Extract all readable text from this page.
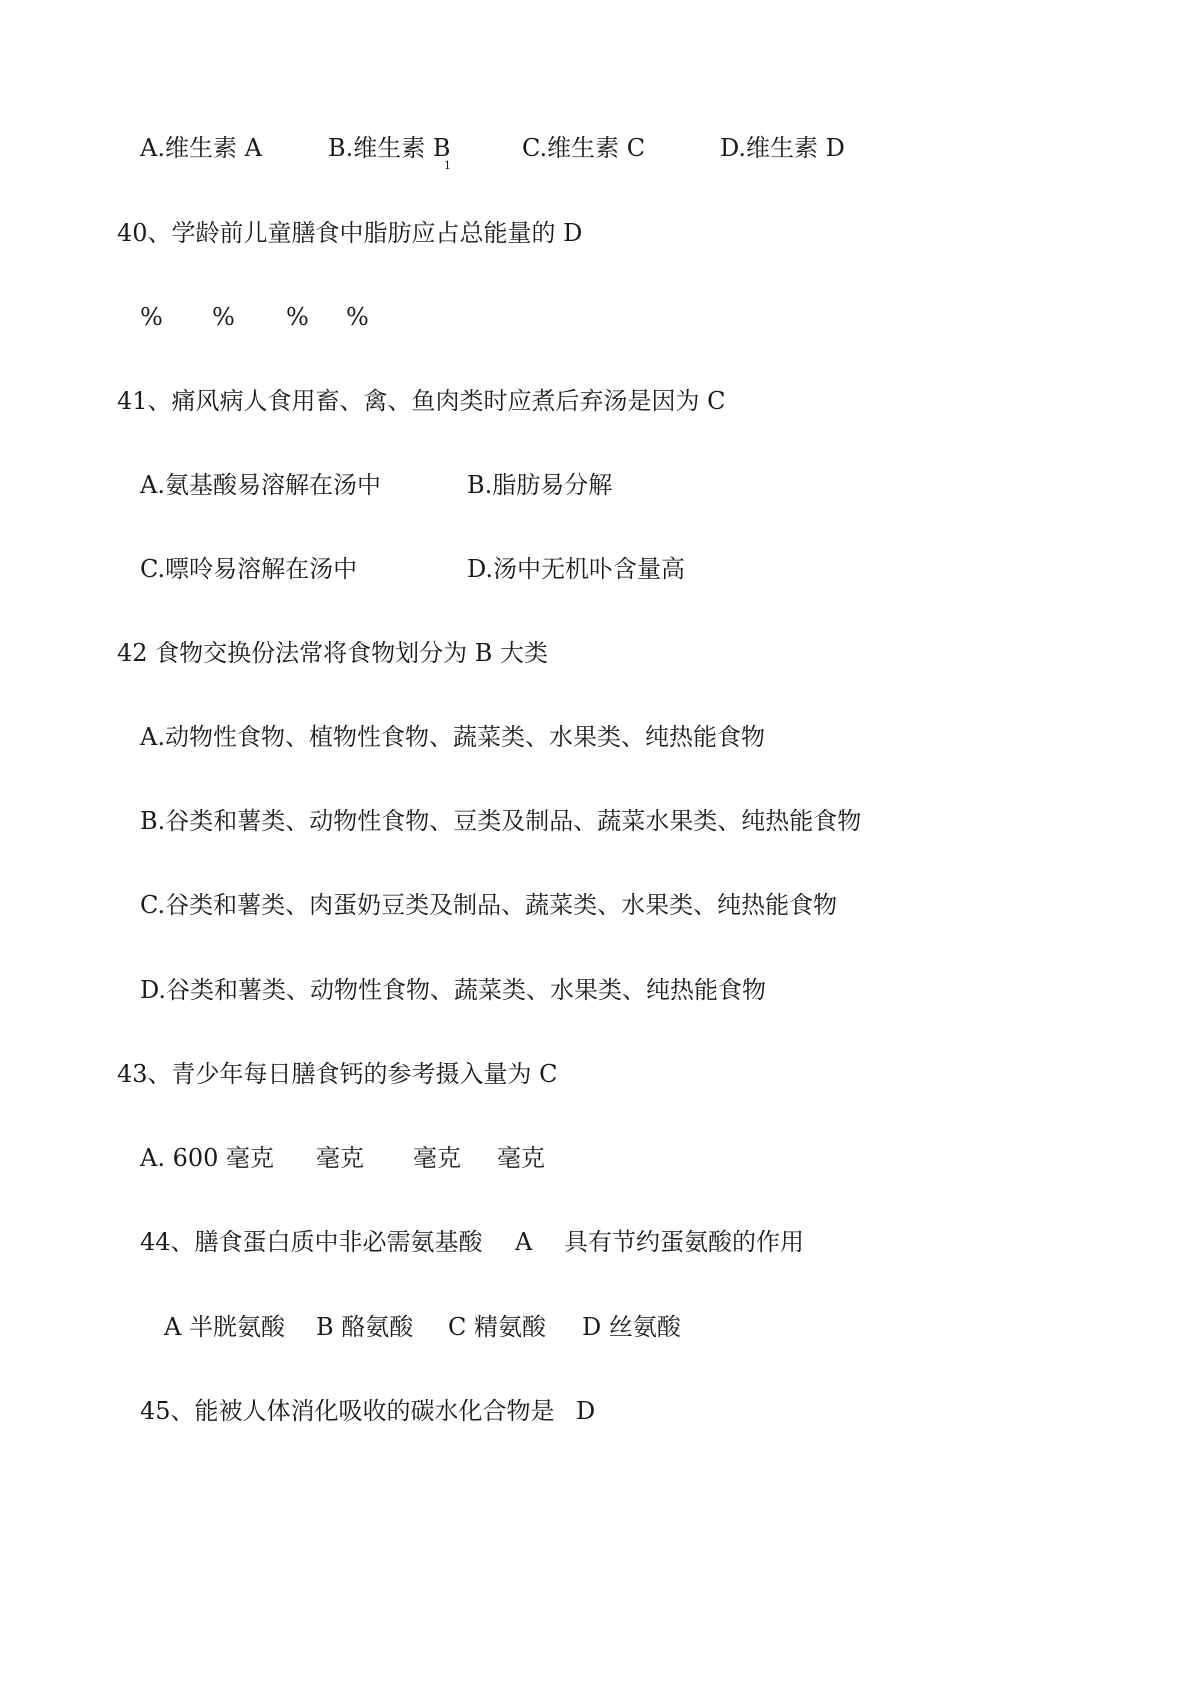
A.维生素 A	B.维生素 B
1
C.维生素 C	D.维生素 D
40、学龄前儿童膳食中脂肪应占总能量的 D
% % % %
41、痛风病人食用畜、禽、鱼肉类时应煮后弃汤是因为 C
A.氨基酸易溶解在汤中	B.脂肪易分解
C.嘌呤易溶解在汤中	D.汤中无机卟含量高
42 食物交换份法常将食物划分为 B 大类
A.动物性食物、植物性食物、蔬菜类、水果类、纯热能食物
B.谷类和薯类、动物性食物、豆类及制品、蔬菜水果类、纯热能食物
C.谷类和薯类、肉蛋奶豆类及制品、蔬菜类、水果类、纯热能食物
D.谷类和薯类、动物性食物、蔬菜类、水果类、纯热能食物
43、青少年每日膳食钙的参考摄入量为 C
A. 600 毫克 毫克 毫克 毫克
44、膳食蛋白质中非必需氨基酸 A 具有节约蛋氨酸的作用
A 半胱氨酸 B 酪氨酸 C 精氨酸 D 丝氨酸
45、能被人体消化吸收的碳水化合物是 D
